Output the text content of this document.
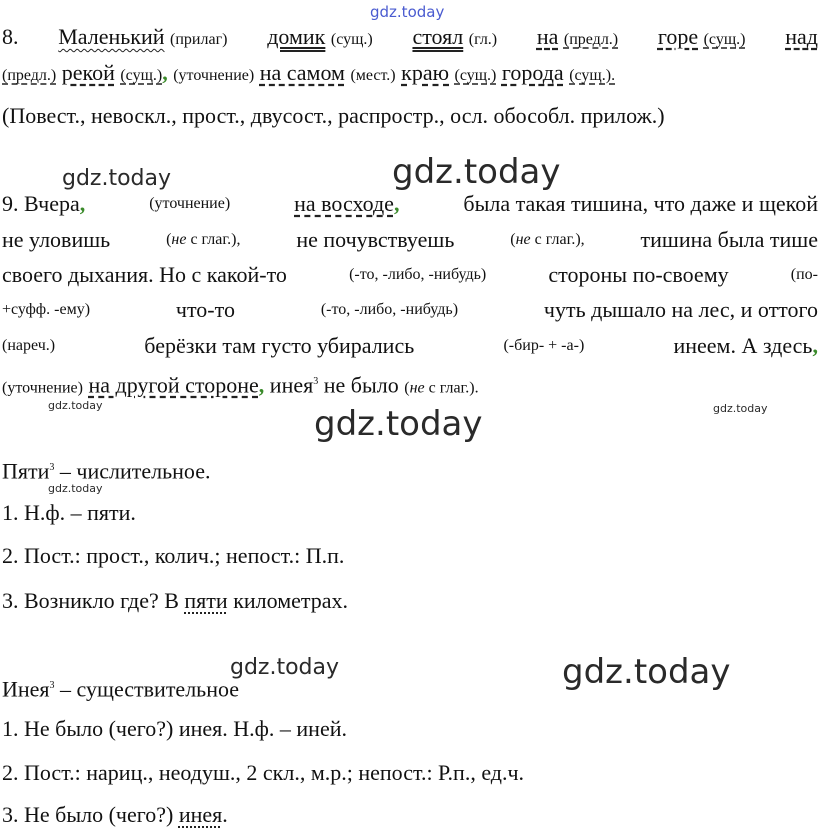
gdz.today
gdz.today	gdz.today
gdz.today	gdz.today
gdz.today
gdz.today
gdz.today	gdz.today
8. Маленький (прилаг) домик (сущ.) стоял (гл.) на (предл.) горе (сущ.) над
(предл.) рекой (сущ.), (уточнение) на самом (мест.) краю (сущ.) города (сущ.).
(Повест., невоскл., прост., двусост., распростр., осл. обособл. прилож.)
9. Вчера,	(уточнение)	на восходе,	была такая тишина, что даже и щекой
не уловишь	(не с глаг.),	не почувствуешь	(не с глаг.),	тишина была тише
своего дыхания. Но с какой-то	(-то, -либо, -нибудь)	стороны по-своему	(по-
+суфф. -ему)	что-то	(-то, -либо, -нибудь)	чуть дышало на лес, и оттого
(нареч.)	берёзки там густо убирались	(-бир- + -а-)	инеем. А здесь,
(уточнение) на другой стороне, инея$^3$ не было (не с глаг.).
Пяти$^3$ – числительное.
1. Н.ф. – пяти.
2. Пост.: прост., колич.; непост.: П.п.
3. Возникло где? В пяти километрах.
Инея$^3$ – существительное
1. Не было (чего?) инея. Н.ф. – иней.
2. Пост.: нариц., неодуш., 2 скл., м.р.; непост.: Р.п., ед.ч.
3. Не было (чего?) инея.
